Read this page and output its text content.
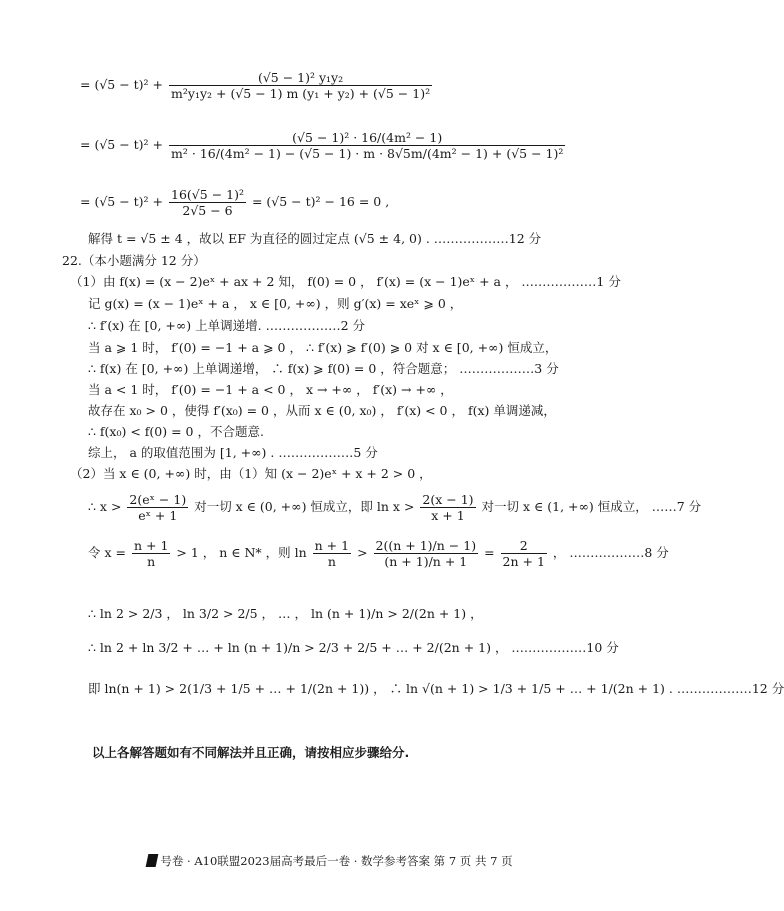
= $(√5 - t)^2 + \frac{\text{(√5 − 1)² y₁y₂}}{\text{m²y₁y₂ + (√5 − 1) m (y₁ + y₂) + (√5 − 1)²}}$
= (√5 − t)² +	(√5 − 1)² · 16/(4m² − 1)
m² · 16/(4m² − 1) − (√5 − 1) · m · 8√5m/(4m² − 1) + (√5 − 1)²
= $(√5 - t)^2 + \frac{\text{16(√5 − 1)²}}{2√5 - 6} = (√5 - t)^2 - 16 = 0$ ,
解得 t = √5 ± 4 ，故以 EF 为直径的圆过定点 (√5 ± 4, 0) . ………………12 分
22.（本小题满分 12 分）
（1）由 f(x) = (x − 2)eˣ + ax + 2 知， f(0) = 0 ， f′(x) = (x − 1)eˣ + a ， ………………1 分
记 g(x) = (x − 1)eˣ + a ， x ∈ [0, +∞) ，则 g′(x) = xeˣ ⩾ 0 ，
∴ f′(x) 在 [0, +∞) 上单调递增. ………………2 分
当 a ⩾ 1 时， f′(0) = −1 + a ⩾ 0 ， ∴ f′(x) ⩾ f′(0) ⩾ 0 对 x ∈ [0, +∞) 恒成立，
∴ f(x) 在 [0, +∞) 上单调递增， ∴ f(x) ⩾ f(0) = 0 ，符合题意； ………………3 分
当 a < 1 时， f′(0) = −1 + a < 0 ， x → +∞ ， f′(x) → +∞ ，
故存在 x₀ > 0 ，使得 f′(x₀) = 0 ，从而 x ∈ (0, x₀) ， f′(x) < 0 ， f(x) 单调递减，
∴ f(x₀) < f(0) = 0 ，不合题意.
综上， a 的取值范围为 [1, +∞) . ………………5 分
（2）当 x ∈ (0, +∞) 时，由（1）知 (x − 2)eˣ + x + 2 > 0 ，
∴ $x > \frac{\text{2(eˣ − 1)}}{\text{eˣ + 1}}$ 对一切 x ∈ (0, +∞) 恒成立，即 $\ln x > \frac{2(x - 1)}{x + 1}$ 对一切 x ∈ (1, +∞) 恒成立， ……7 分
令 $x = \frac{n + 1}{n} > 1$ ， n ∈ N* ，则 $\ln \frac{n + 1}{n} > \frac{2((n + 1)/n - 1)}{(n + 1)/n + 1} = \frac{2}{2n + 1}$ ， ………………8 分
∴ ln 2 > 2/3 ， ln 3/2 > 2/5 ， … ， ln (n + 1)/n > 2/(2n + 1) ，
∴ ln 2 + ln 3/2 + … + ln (n + 1)/n > 2/3 + 2/5 + … + 2/(2n + 1) ， ………………10 分
即 ln(n + 1) > 2(1/3 + 1/5 + … + 1/(2n + 1)) ， ∴ ln √(n + 1) > 1/3 + 1/5 + … + 1/(2n + 1) . ………………12 分
以上各解答题如有不同解法并且正确，请按相应步骤给分.
号卷 · A10联盟2023届高考最后一卷 · 数学参考答案 第 7 页 共 7 页
